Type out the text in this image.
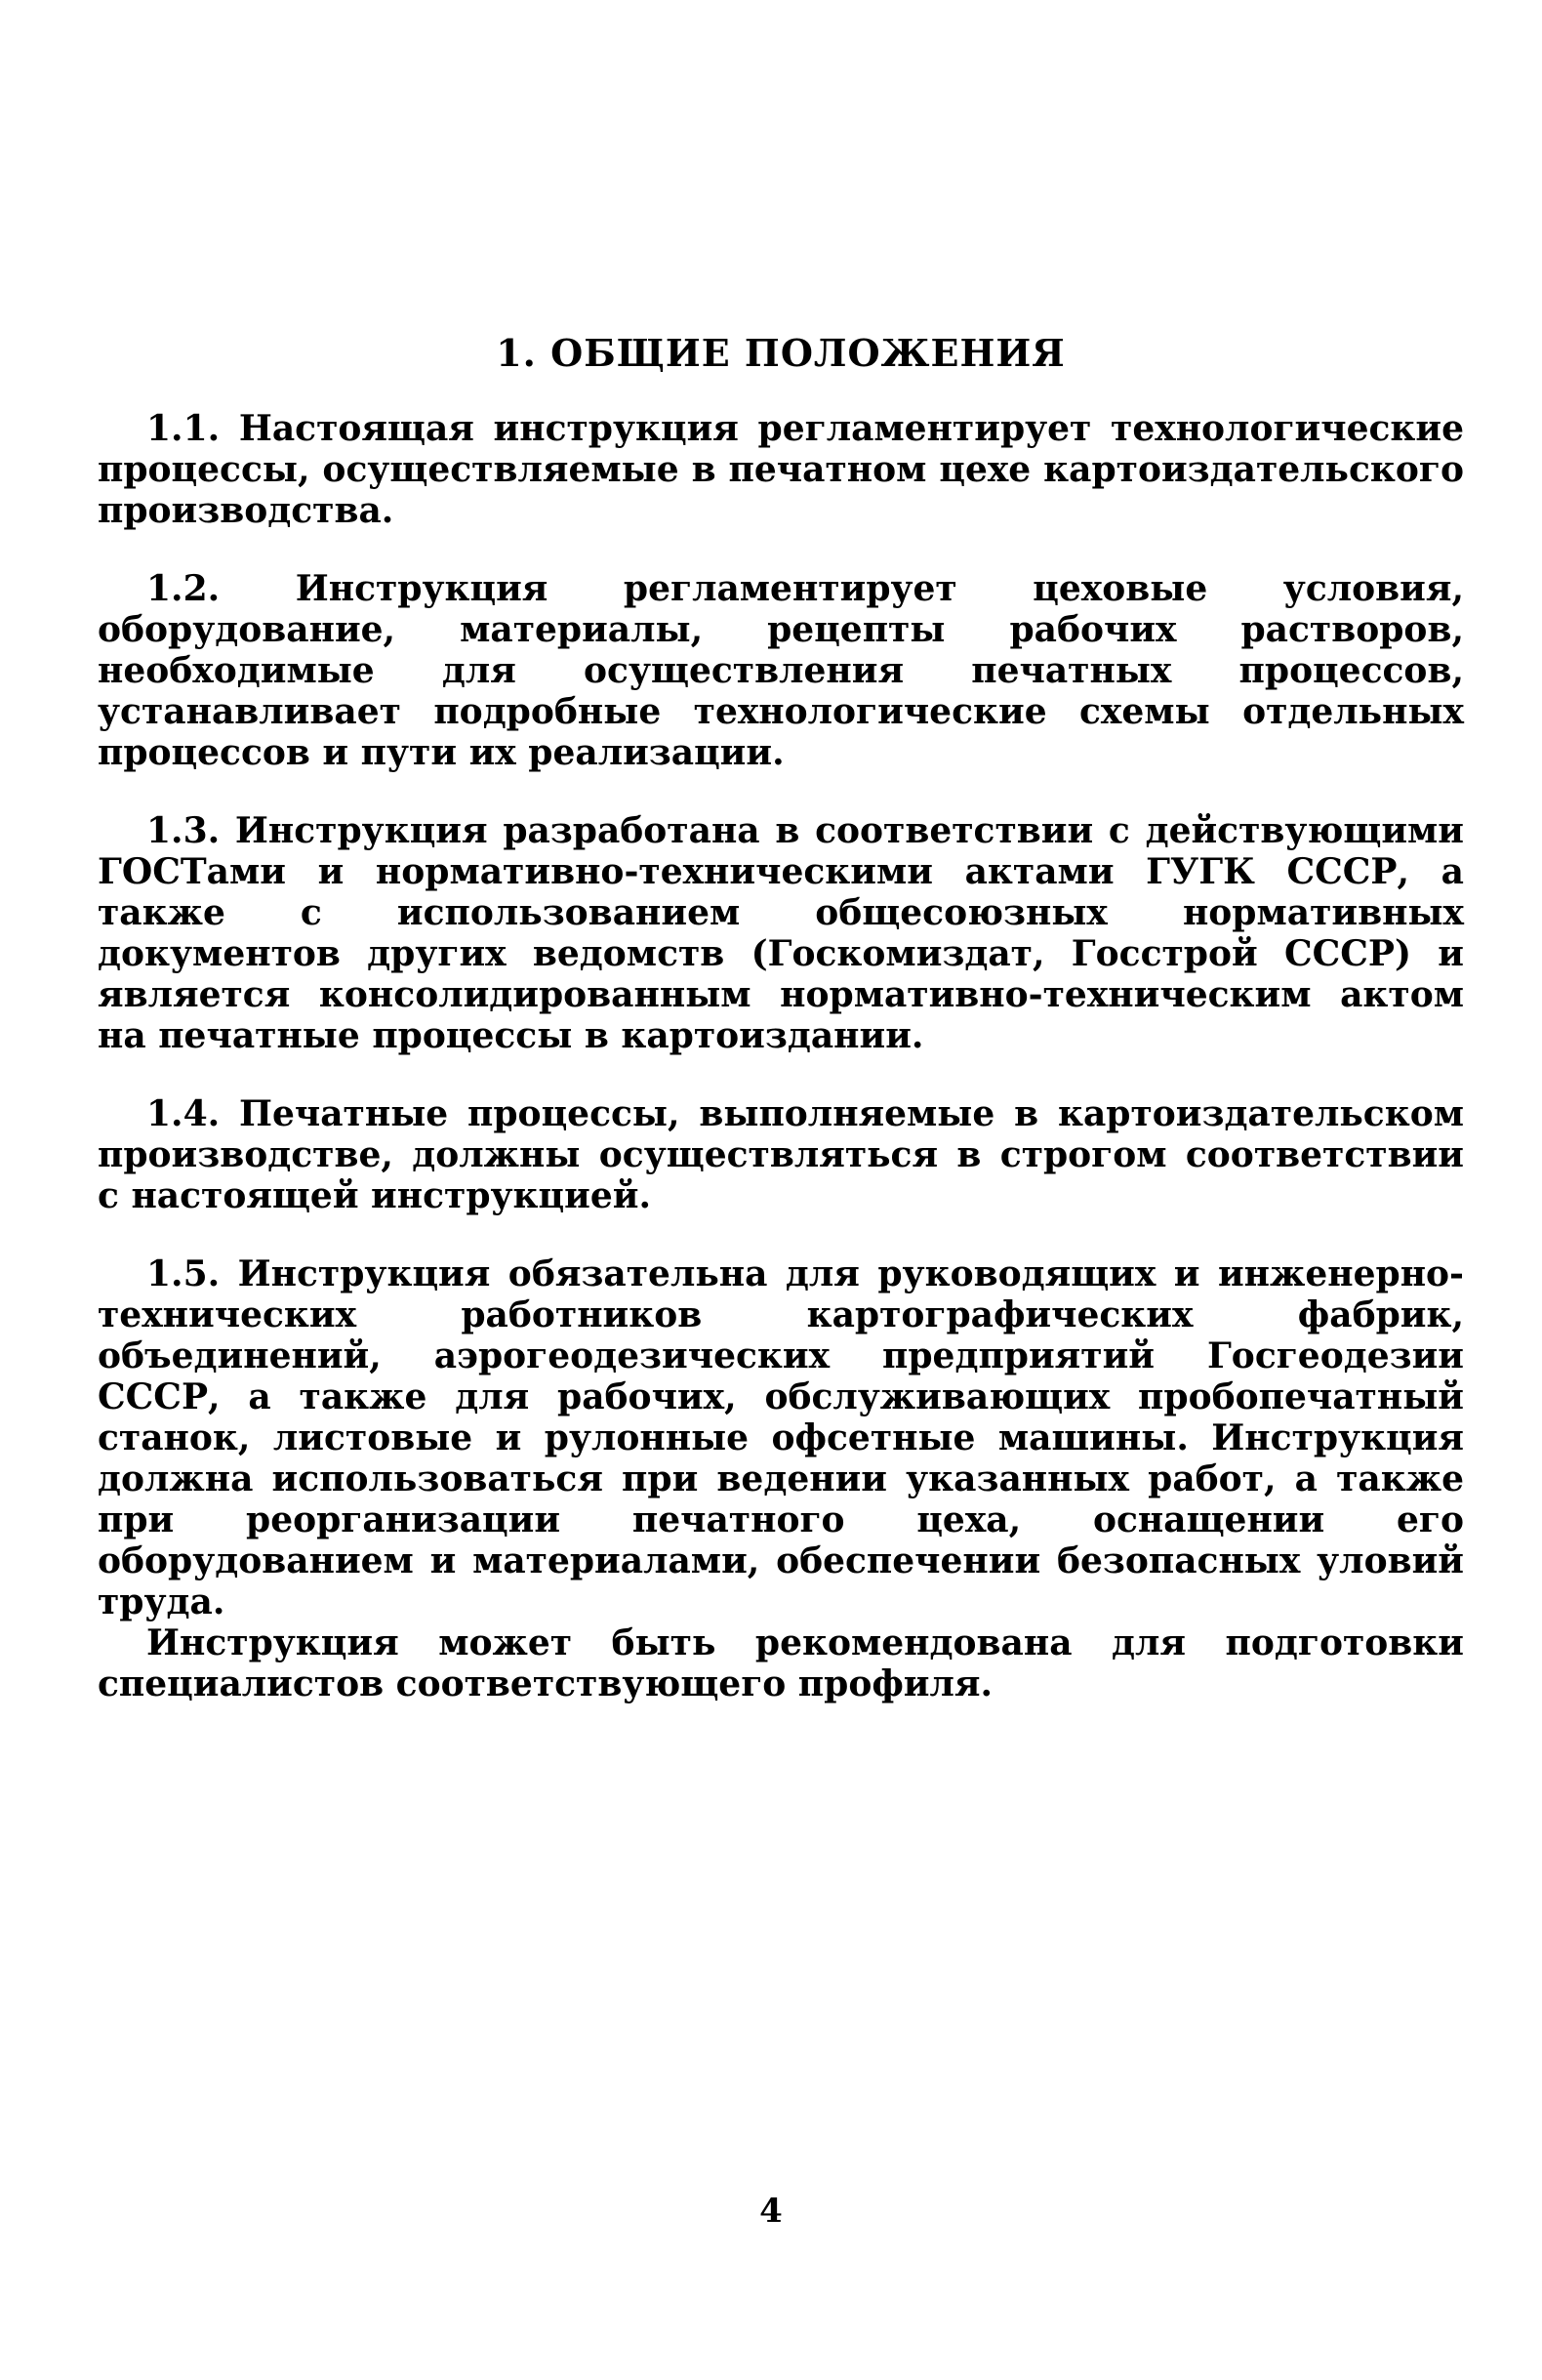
1. ОБЩИЕ ПОЛОЖЕНИЯ

1.1. Настоящая инструкция регламентирует технологические процессы, осуществляемые в печатном цехе картоиздательского производства.

1.2. Инструкция регламентирует цеховые условия, оборудование, материалы, рецепты рабочих растворов, необходимые для осуществления печатных процессов, устанавливает подробные технологические схемы отдельных процессов и пути их реализации.

1.3. Инструкция разработана в соответствии с действующими ГОСТами и нормативно-техническими актами ГУГК СССР, а также с использованием общесоюзных нормативных документов других ведомств (Госкомиздат, Госстрой СССР) и является консолидированным нормативно-техническим актом на печатные процессы в картоиздании.

1.4. Печатные процессы, выполняемые в картоиздательском производстве, должны осуществляться в строгом соответствии с настоящей инструкцией.

1.5. Инструкция обязательна для руководящих и инженерно-технических работников картографических фабрик, объединений, аэрогеодезических предприятий Госгеодезии СССР, а также для рабочих, обслуживающих пробопечатный станок, листовые и рулонные офсетные машины. Инструкция должна использоваться при ведении указанных работ, а также при реорганизации печатного цеха, оснащении его оборудованием и материалами, обеспечении безопасных уловий труда.

Инструкция может быть рекомендована для подготовки специалистов соответствующего профиля.

4
